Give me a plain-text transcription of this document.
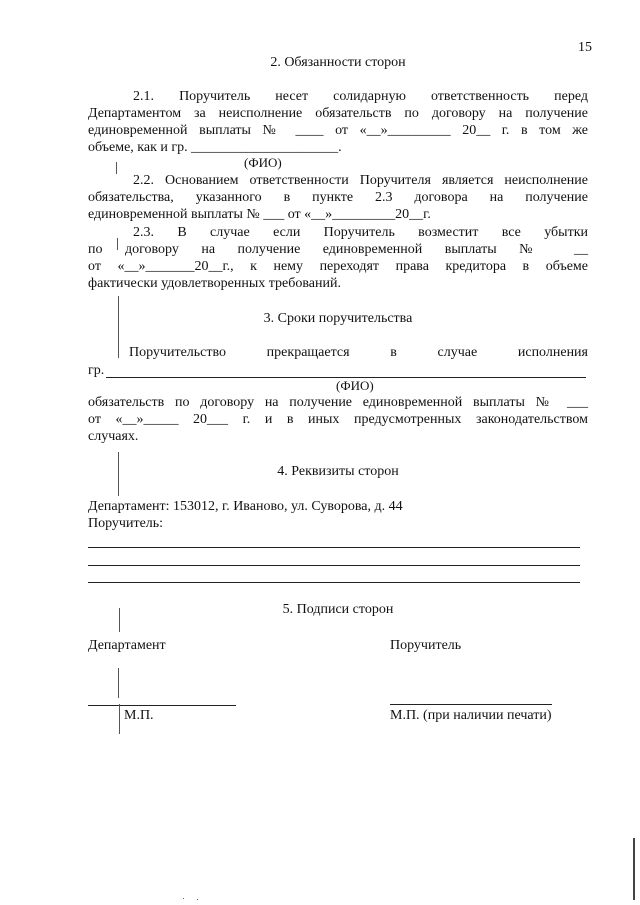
15
2. Обязанности сторон
2.1. Поручитель несет солидарную ответственность перед
Департаментом за неисполнение обязательств по договору на получение
единовременной выплаты № ____ от «__»_________ 20__ г. в том же
объеме, как и гр. _____________________.
(ФИО)
2.2. Основанием ответственности Поручителя является неисполнение
обязательства, указанного в пункте 2.3 договора на получение
единовременной выплаты № ___ от «__»_________20__г.
2.3. В случае если Поручитель возместит все убытки
по договору на получение единовременной выплаты № __
от «__»_______20__г., к нему переходят права кредитора в объеме
фактически удовлетворенных требований.
3. Сроки поручительства
Поручительство прекращается в случае исполнения
гр.
(ФИО)
обязательств по договору на получение единовременной выплаты № ___
от «__»_____ 20___ г. и в иных предусмотренных законодательством
случаях.
4. Реквизиты сторон
Департамент: 153012, г. Иваново, ул. Суворова, д. 44
Поручитель:
5. Подписи сторон
Департамент	Поручитель
М.П.	М.П. (при наличии печати)
